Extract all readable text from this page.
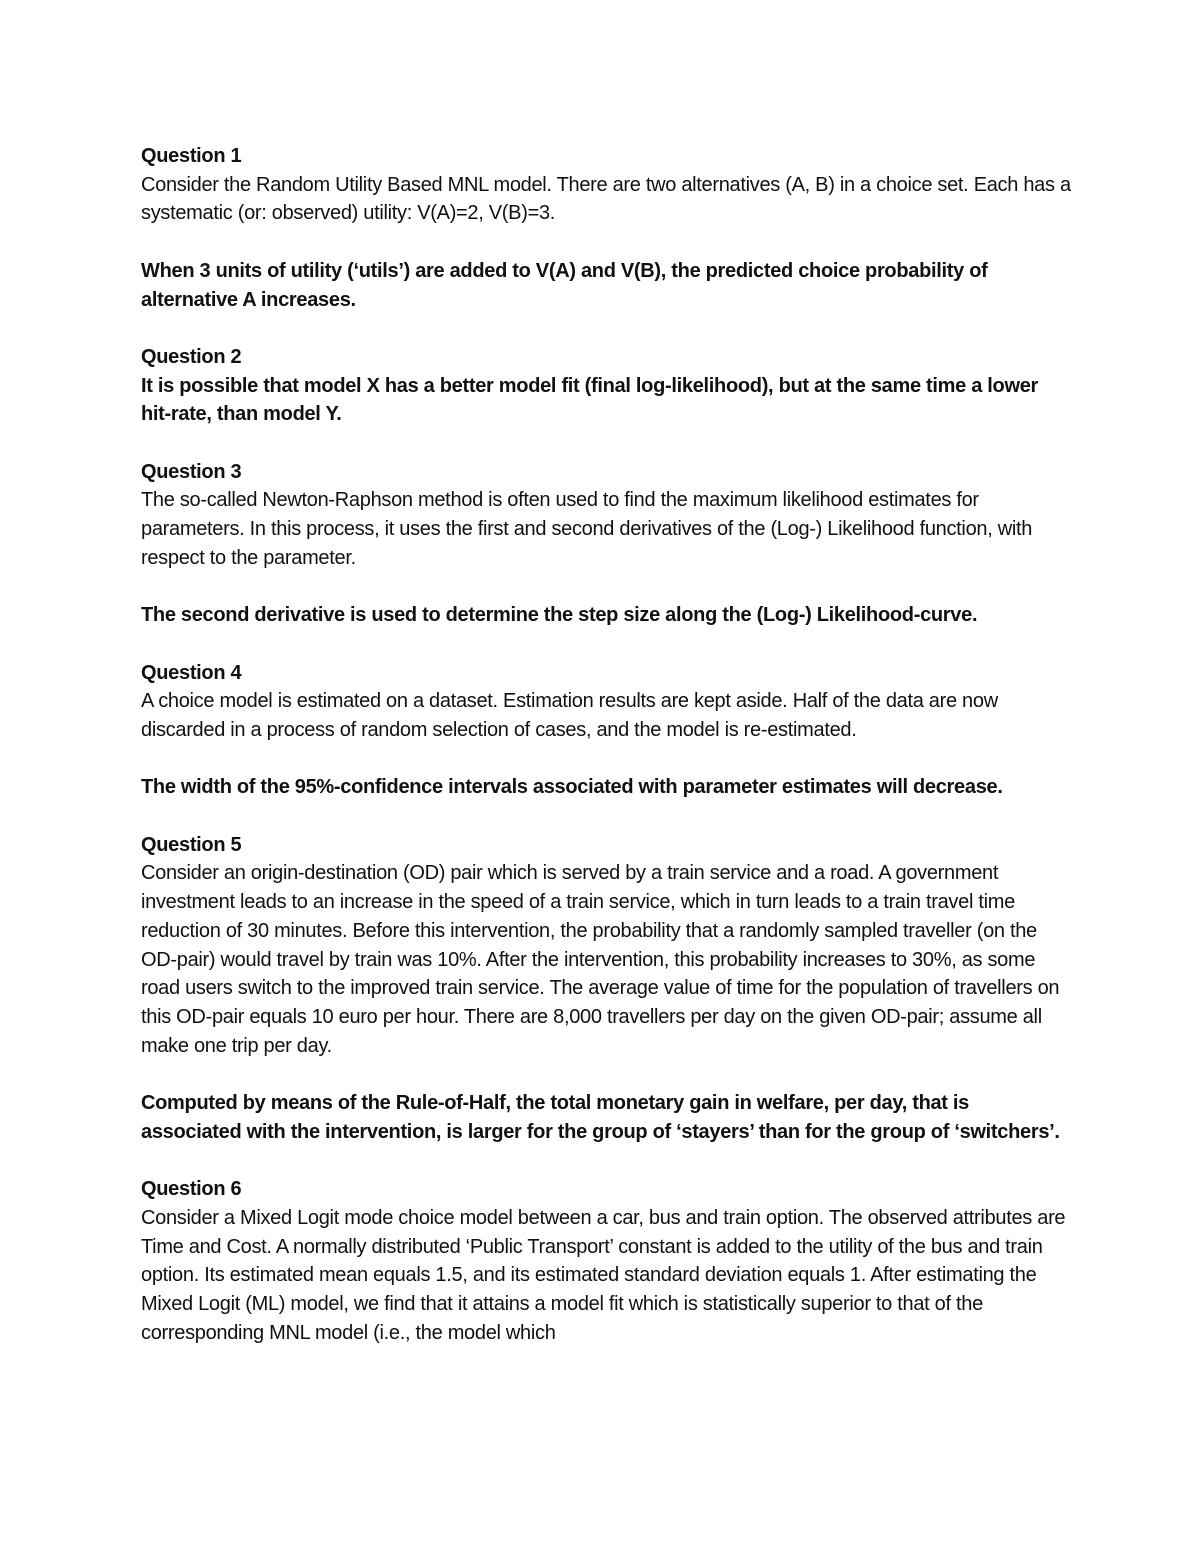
Question 1

Consider the Random Utility Based MNL model. There are two alternatives (A, B) in a choice set. Each has a systematic (or: observed) utility: V(A)=2, V(B)=3.

When 3 units of utility (‘utils’) are added to V(A) and V(B), the predicted choice probability of alternative A increases.

Question 2

It is possible that model X has a better model fit (final log-likelihood), but at the same time a lower hit-rate, than model Y.

Question 3

The so-called Newton-Raphson method is often used to find the maximum likelihood estimates for parameters. In this process, it uses the first and second derivatives of the (Log-) Likelihood function, with respect to the parameter.

The second derivative is used to determine the step size along the (Log-) Likelihood-curve.

Question 4

A choice model is estimated on a dataset. Estimation results are kept aside. Half of the data are now discarded in a process of random selection of cases, and the model is re-estimated.

The width of the 95%-confidence intervals associated with parameter estimates will decrease.

Question 5

Consider an origin-destination (OD) pair which is served by a train service and a road. A government investment leads to an increase in the speed of a train service, which in turn leads to a train travel time reduction of 30 minutes. Before this intervention, the probability that a randomly sampled traveller (on the OD-pair) would travel by train was 10%. After the intervention, this probability increases to 30%, as some road users switch to the improved train service. The average value of time for the population of travellers on this OD-pair equals 10 euro per hour. There are 8,000 travellers per day on the given OD-pair; assume all make one trip per day.

Computed by means of the Rule-of-Half, the total monetary gain in welfare, per day, that is associated with the intervention, is larger for the group of ‘stayers’ than for the group of ‘switchers’.

Question 6

Consider a Mixed Logit mode choice model between a car, bus and train option. The observed attributes are Time and Cost. A normally distributed ‘Public Transport’ constant is added to the utility of the bus and train option. Its estimated mean equals 1.5, and its estimated standard deviation equals 1. After estimating the Mixed Logit (ML) model, we find that it attains a model fit which is statistically superior to that of the corresponding MNL model (i.e., the model which
